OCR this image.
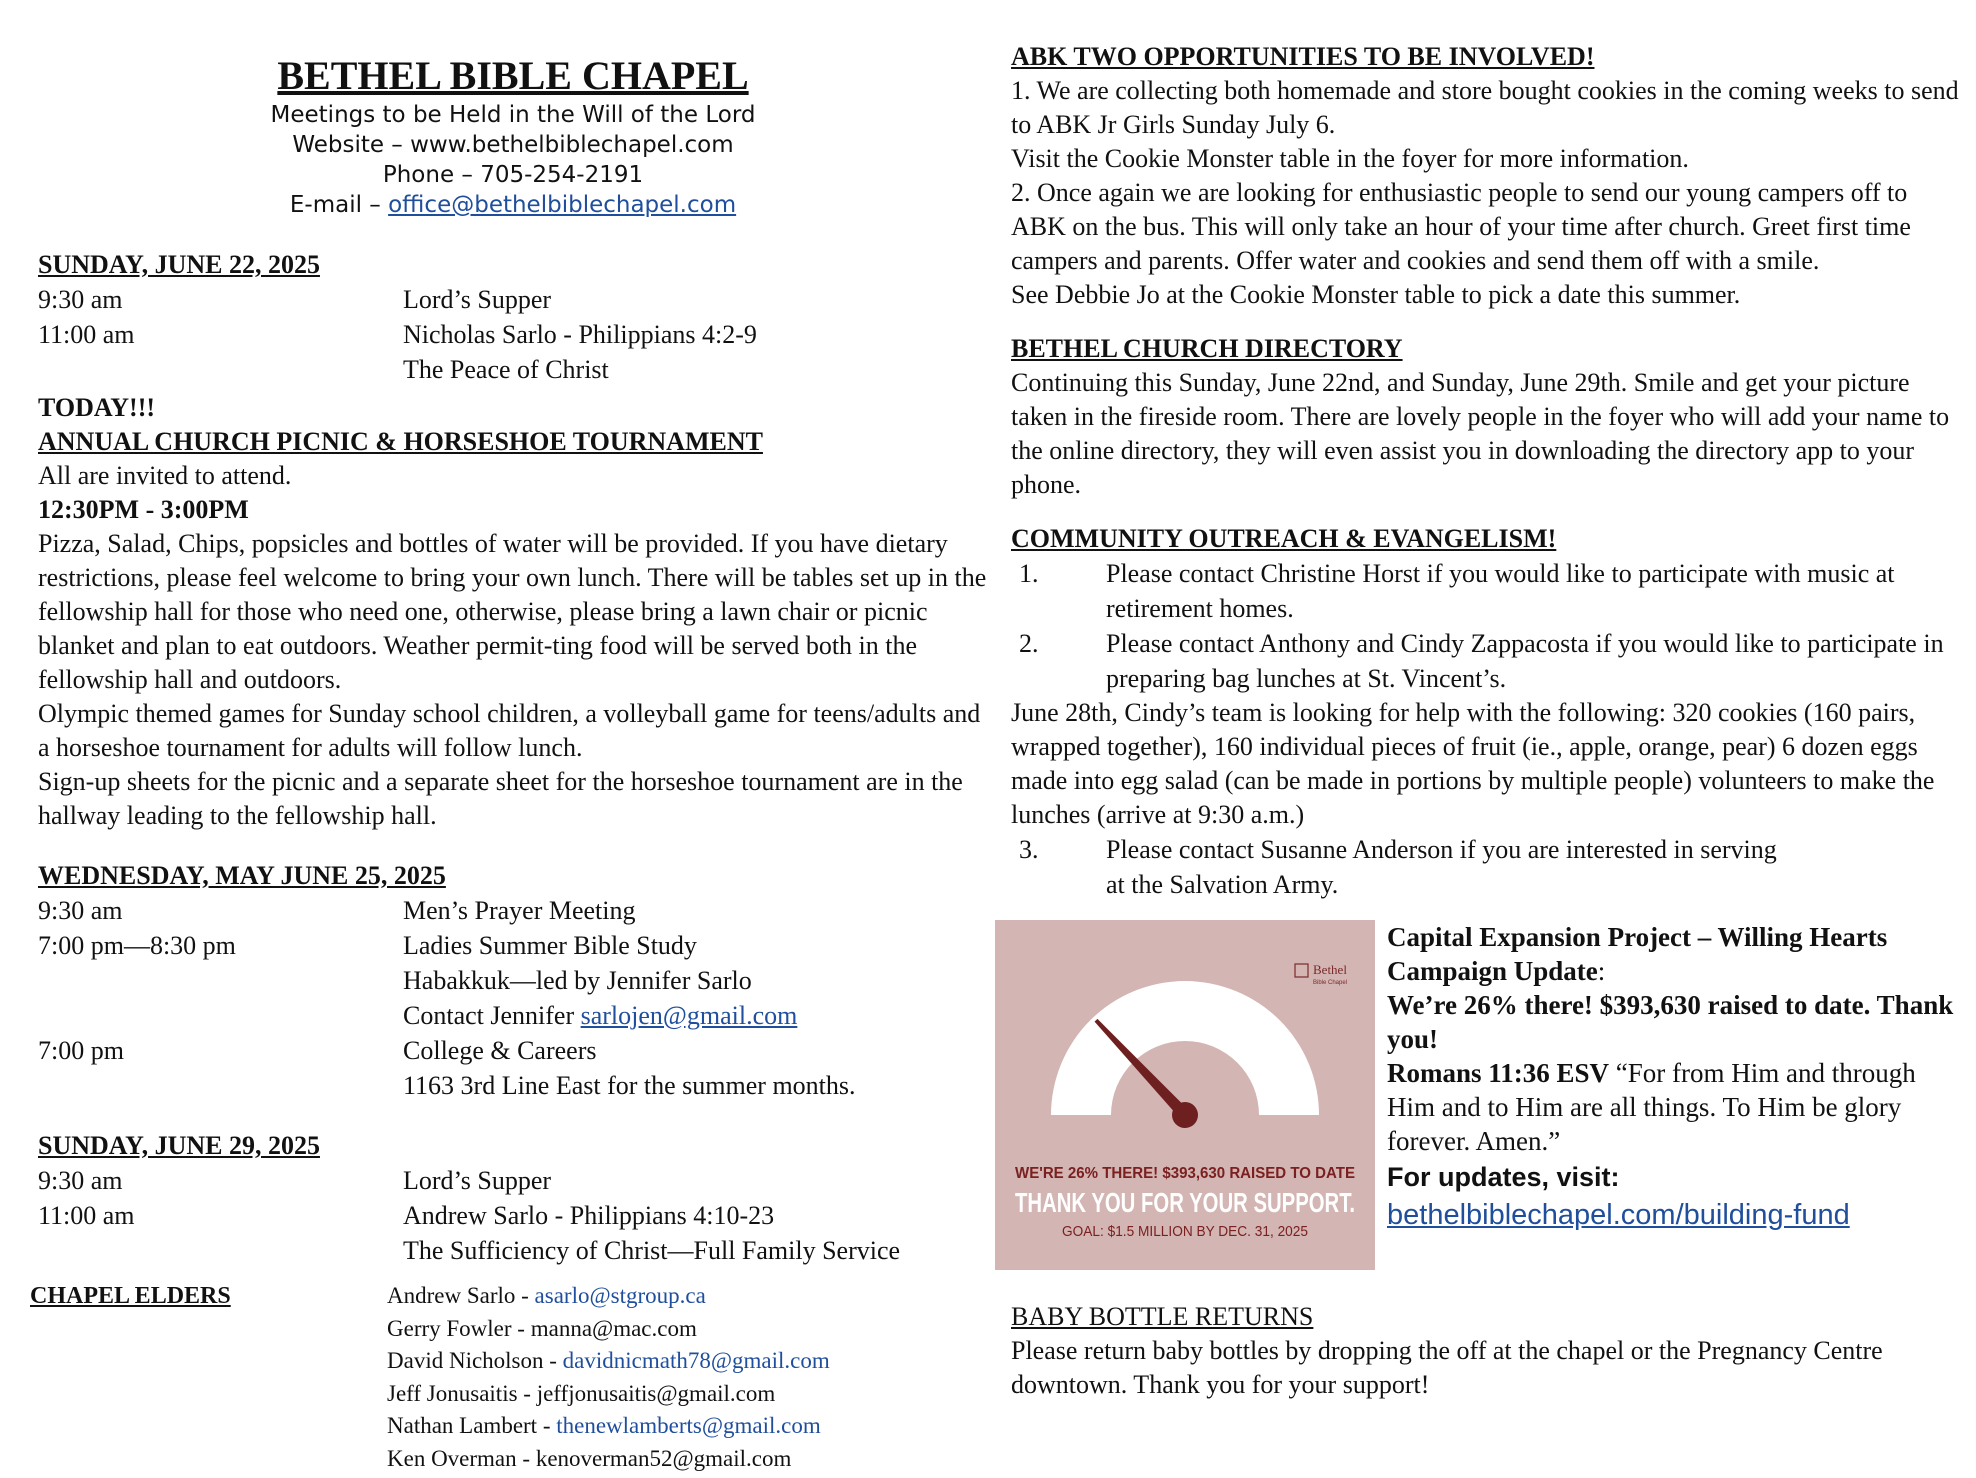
BETHEL BIBLE CHAPEL
Meetings to be Held in the Will of the Lord
Website – www.bethelbiblechapel.com
Phone – 705-254-2191
E-mail – office@bethelbiblechapel.com
SUNDAY, JUNE 22, 2025
9:30 am	Lord’s Supper
11:00 am	Nicholas Sarlo - Philippians 4:2-9
The Peace of Christ
TODAY!!!
ANNUAL CHURCH PICNIC & HORSESHOE TOURNAMENT
All are invited to attend.
12:30PM - 3:00PM
Pizza, Salad, Chips, popsicles and bottles of water will be provided. If you have dietary restrictions, please feel welcome to bring your own lunch. There will be tables set up in the fellowship hall for those who need one, otherwise, please bring a lawn chair or picnic blanket and plan to eat outdoors. Weather permit-ting food will be served both in the fellowship hall and outdoors.
Olympic themed games for Sunday school children, a volleyball game for teens/adults and a horseshoe tournament for adults will follow lunch.
Sign-up sheets for the picnic and a separate sheet for the horseshoe tournament are in the hallway leading to the fellowship hall.
WEDNESDAY, MAY JUNE 25, 2025
9:30 am	Men’s Prayer Meeting
7:00 pm—8:30 pm	Ladies Summer Bible Study
Habakkuk—led by Jennifer Sarlo
Contact Jennifer sarlojen@gmail.com
7:00 pm	College & Careers
1163 3rd Line East for the summer months.
SUNDAY, JUNE 29, 2025
9:30 am	Lord’s Supper
11:00 am	Andrew Sarlo - Philippians 4:10-23
The Sufficiency of Christ—Full Family Service
CHAPEL ELDERS	Andrew Sarlo - asarlo@stgroup.ca
Gerry Fowler - manna@mac.com
David Nicholson - davidnicmath78@gmail.com
Jeff Jonusaitis - jeffjonusaitis@gmail.com
Nathan Lambert - thenewlamberts@gmail.com
Ken Overman - kenoverman52@gmail.com
ABK TWO OPPORTUNITIES TO BE INVOLVED!
1. We are collecting both homemade and store bought cookies in the coming weeks to send to ABK Jr Girls Sunday July 6.
Visit the Cookie Monster table in the foyer for more information.
2. Once again we are looking for enthusiastic people to send our young campers off to ABK on the bus. This will only take an hour of your time after church. Greet first time campers and parents. Offer water and cookies and send them off with a smile.
See Debbie Jo at the Cookie Monster table to pick a date this summer.
BETHEL CHURCH DIRECTORY
Continuing this Sunday, June 22nd, and Sunday, June 29th. Smile and get your picture taken in the fireside room. There are lovely people in the foyer who will add your name to the online directory, they will even assist you in downloading the directory app to your phone.
COMMUNITY OUTREACH & EVANGELISM!
1.	Please contact Christine Horst if you would like to participate with music at retirement homes.
2.	Please contact Anthony and Cindy Zappacosta if you would like to participate in preparing bag lunches at St. Vincent’s.
June 28th, Cindy’s team is looking for help with the following: 320 cookies (160 pairs, wrapped together), 160 individual pieces of fruit (ie., apple, orange, pear) 6 dozen eggs made into egg salad (can be made in portions by multiple people) volunteers to make the lunches (arrive at 9:30 a.m.)
3.	Please contact Susanne Anderson if you are interested in serving at the Salvation Army.
Bethel
Bible Chapel
WE'RE 26% THERE! $393,630 RAISED TO DATE
THANK YOU FOR YOUR SUPPORT.
GOAL: $1.5 MILLION BY DEC. 31, 2025
Capital Expansion Project – Willing Hearts Campaign Update:
We’re 26% there! $393,630 raised to date. Thank you!
Romans 11:36 ESV “For from Him and through Him and to Him are all things. To Him be glory forever. Amen.”
For updates, visit:
bethelbiblechapel.com/building-fund
BABY BOTTLE RETURNS
Please return baby bottles by dropping the off at the chapel or the Pregnancy Centre downtown. Thank you for your support!
